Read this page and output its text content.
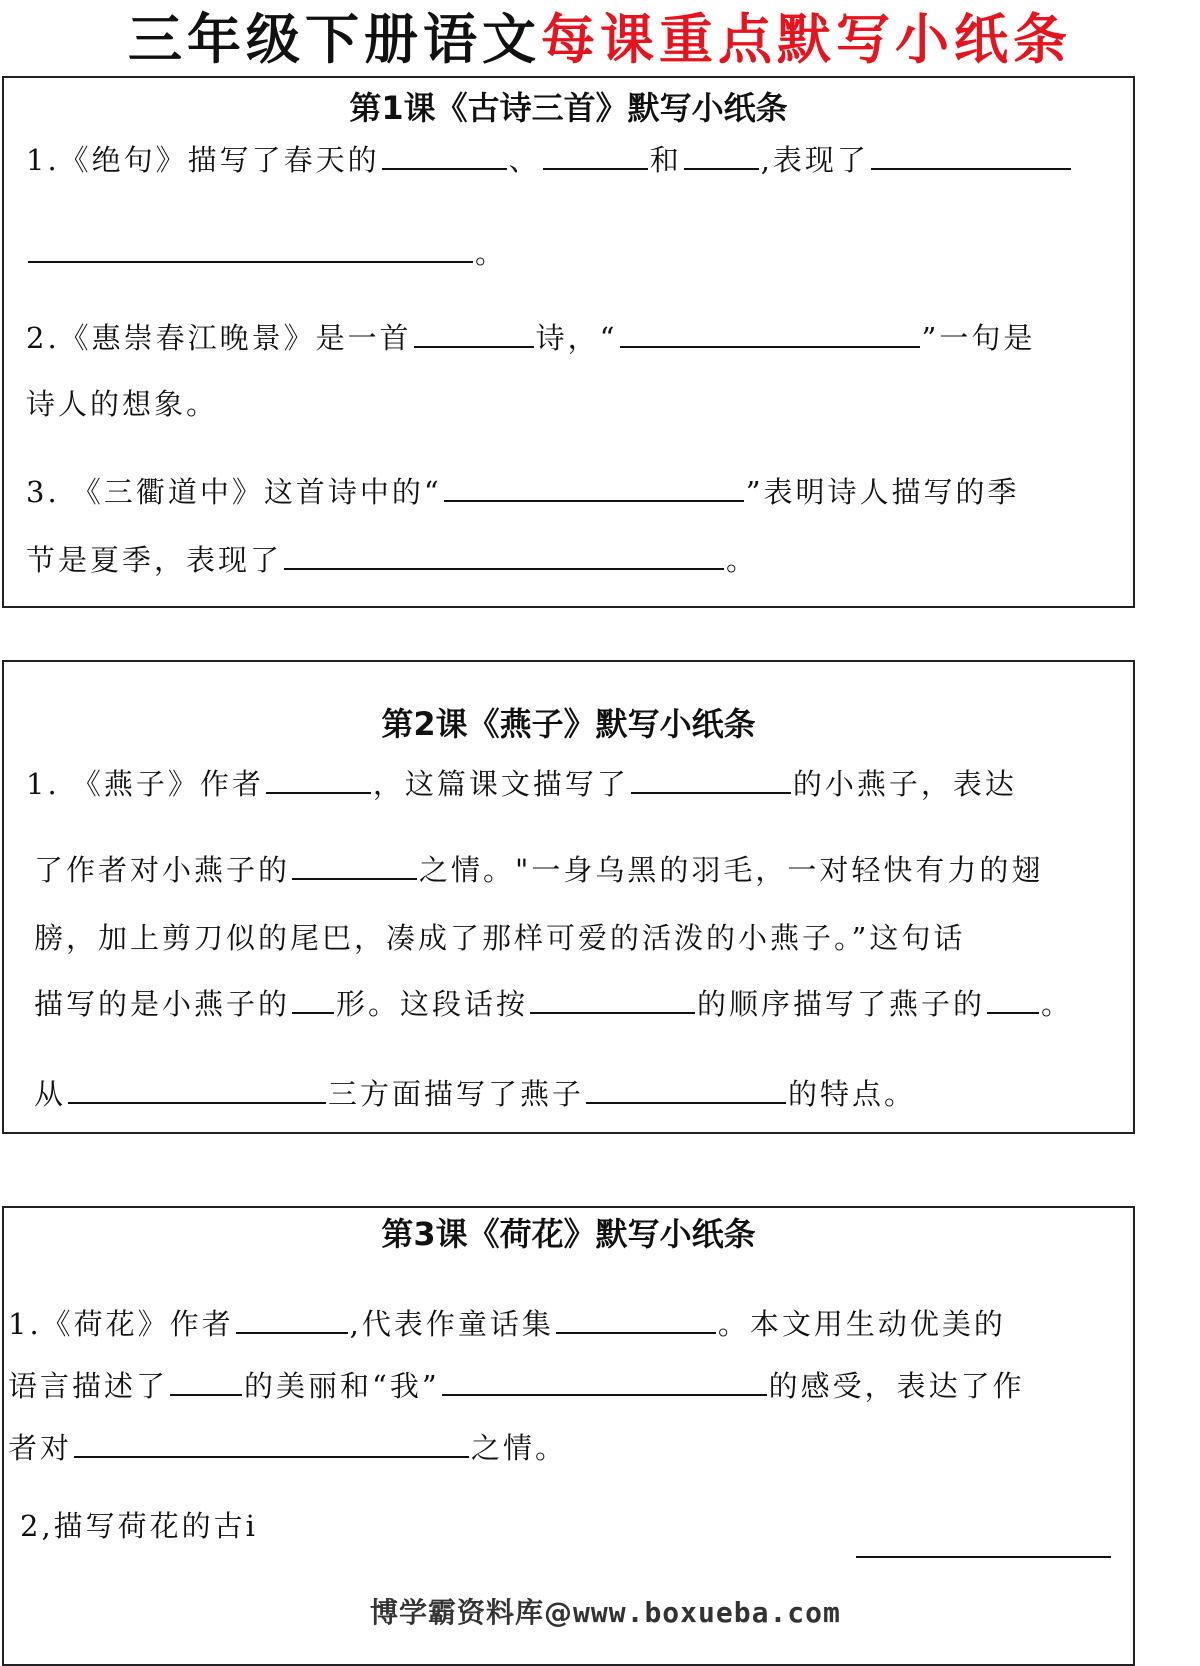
三年级下册语文每课重点默写小纸条
第1课《古诗三首》默写小纸条
1.《绝句》描写了春天的	、	和	,表现了
。
2.《惠崇春江晚景》是一首	诗，“	”一句是
诗人的想象。
3. 《三衢道中》这首诗中的“	”表明诗人描写的季
节是夏季，表现了	。
第2课《燕子》默写小纸条
1. 《燕子》作者	，这篇课文描写了	的小燕子，表达
了作者对小燕子的	之情。"一身乌黑的羽毛，一对轻快有力的翅
膀，加上剪刀似的尾巴，凑成了那样可爱的活泼的小燕子。”这句话
描写的是小燕子的 形。这段话按	的顺序描写了燕子的 。
从	三方面描写了燕子	的特点。
第3课《荷花》默写小纸条
1.《荷花》作者	,代表作童话集	。本文用生动优美的
语言描述了	的美丽和“我”	的感受，表达了作
者对	之情。
2,描写荷花的古i
博学霸资料库@www.boxueba.com
